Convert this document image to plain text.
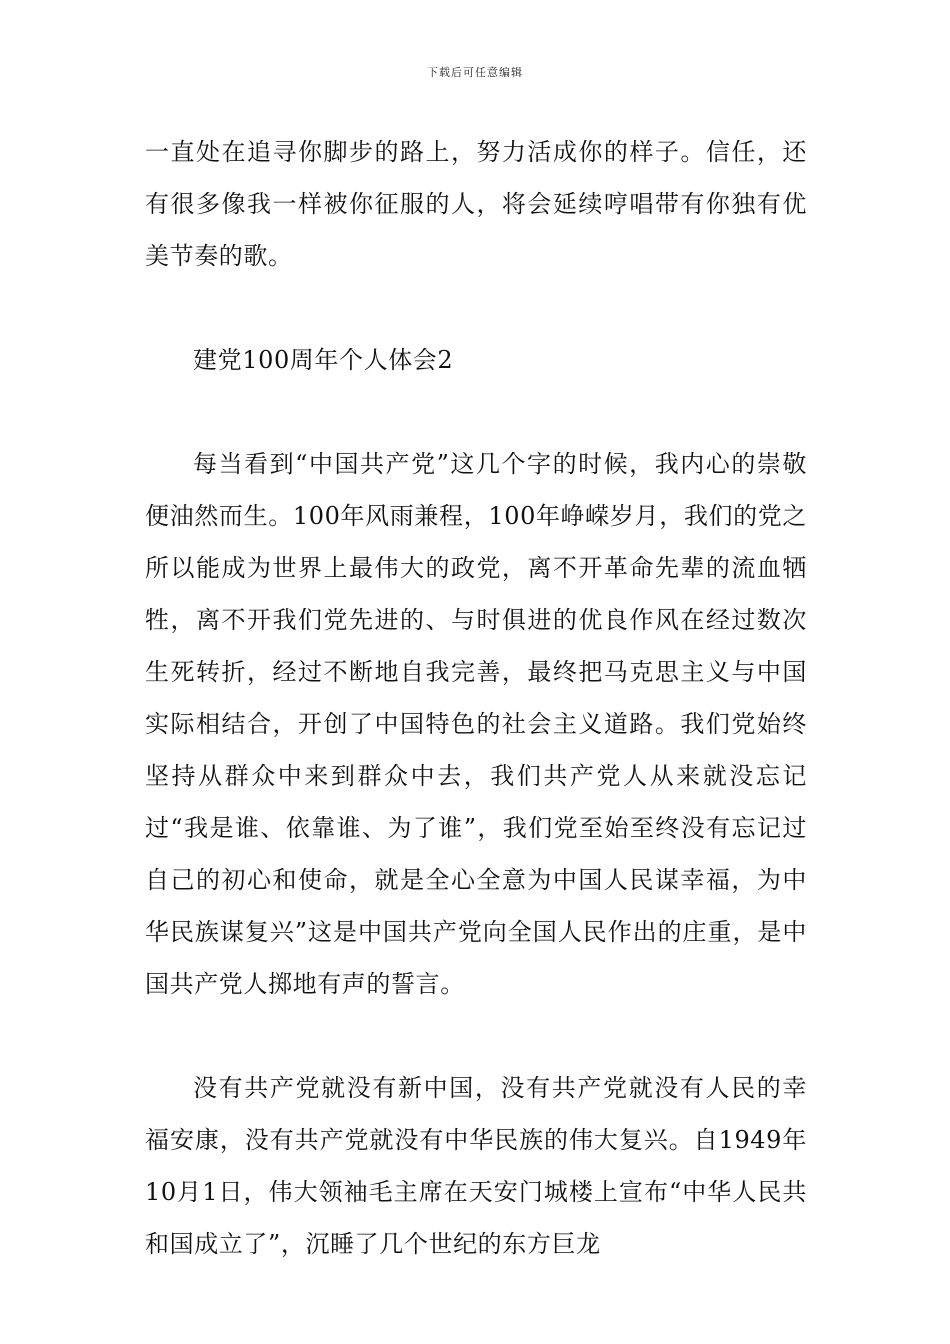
下载后可任意编辑

一直处在追寻你脚步的路上，努力活成你的样子。信任，还有很多像我一样被你征服的人，将会延续哼唱带有你独有优美节奏的歌。

建党100周年个人体会2

每当看到“中国共产党”这几个字的时候，我内心的崇敬便油然而生。100年风雨兼程，100年峥嵘岁月，我们的党之所以能成为世界上最伟大的政党，离不开革命先辈的流血牺牲，离不开我们党先进的、与时俱进的优良作风在经过数次生死转折，经过不断地自我完善，最终把马克思主义与中国实际相结合，开创了中国特色的社会主义道路。我们党始终坚持从群众中来到群众中去，我们共产党人从来就没忘记过“我是谁、依靠谁、为了谁”，我们党至始至终没有忘记过自己的初心和使命，就是全心全意为中国人民谋幸福，为中华民族谋复兴”这是中国共产党向全国人民作出的庄重，是中国共产党人掷地有声的誓言。

没有共产党就没有新中国，没有共产党就没有人民的幸福安康，没有共产党就没有中华民族的伟大复兴。自1949年10月1日，伟大领袖毛主席在天安门城楼上宣布“中华人民共和国成立了”，沉睡了几个世纪的东方巨龙
